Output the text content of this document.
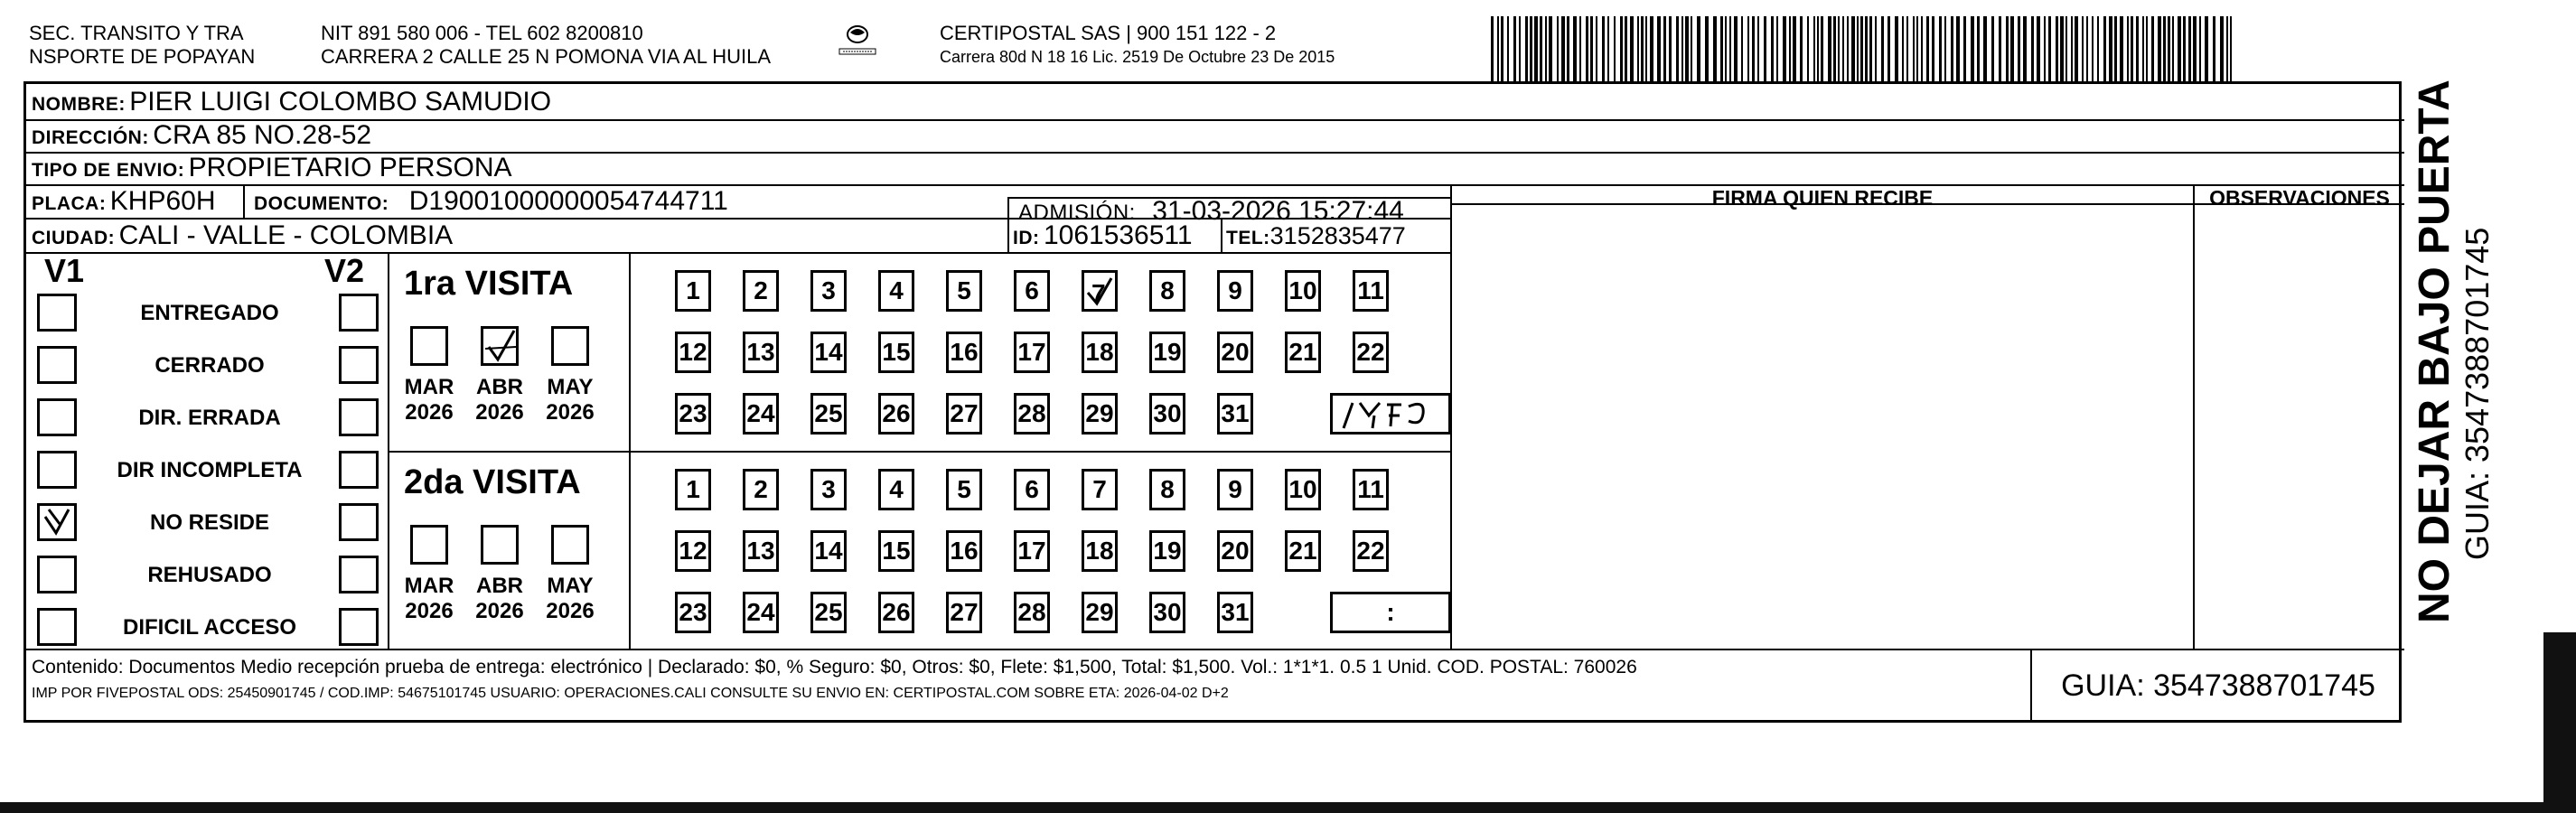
SEC. TRANSITO Y TRA
NSPORTE DE POPAYAN
NIT 891 580 006 - TEL 602 8200810
CARRERA 2 CALLE 25 N POMONA VIA AL HUILA
CERTIPOSTAL SAS | 900 151 122 - 2
Carrera 80d N 18 16 Lic. 2519 De Octubre 23 De 2015
NOMBRE: PIER LUIGI COLOMBO SAMUDIO
DIRECCIÓN: CRA 85 NO.28-52
TIPO DE ENVIO: PROPIETARIO PERSONA
PLACA: KHP60H DOCUMENTO: D19001000000054744711	ADMISIÓN: 31-03-2026 15:27:44
CIUDAD: CALI - VALLE - COLOMBIA	ID: 1061536511 TEL:3152835477
FIRMA QUIEN RECIBE	OBSERVACIONES
V1	V2
ENTREGADO
CERRADO
DIR. ERRADA
DIR INCOMPLETA
NO RESIDE
REHUSADO
DIFICIL ACCESO
1ra VISITA
MAR
2026
ABR
2026
MAY
2026
1	2	3	4	5	6	7	8	9	10 11
12 13 14 15 16 17 18 19 20 21 22
23 24 25 26 27 28 29 30 31
2da VISITA
MAR
2026
ABR
2026
MAY
2026
1	2	3	4	5	6	7	8	9	10 11
12 13 14 15 16 17 18 19 20 21 22
23 24 25 26 27 28 29 30 31	:
Contenido: Documentos Medio recepción prueba de entrega: electrónico | Declarado: $0, % Seguro: $0, Otros: $0, Flete: $1,500, Total: $1,500. Vol.: 1*1*1. 0.5 1 Unid. COD. POSTAL: 760026
IMP POR FIVEPOSTAL ODS: 25450901745 / COD.IMP: 54675101745 USUARIO: OPERACIONES.CALI CONSULTE SU ENVIO EN: CERTIPOSTAL.COM SOBRE ETA: 2026-04-02 D+2	GUIA: 3547388701745
NO DEJAR BAJO PUERTA GUIA: 3547388701745
